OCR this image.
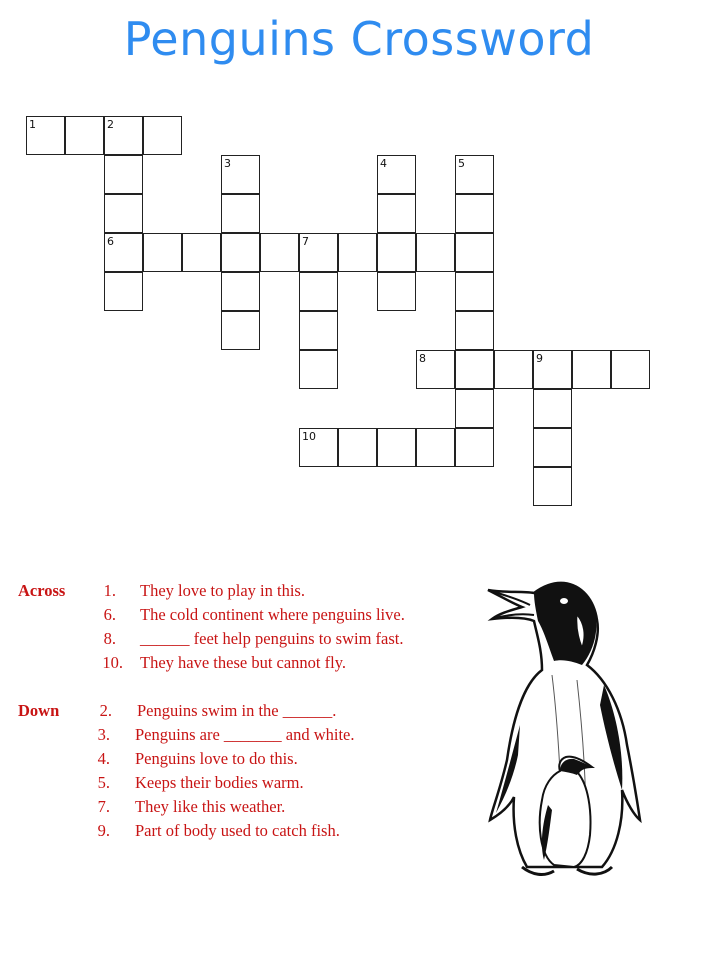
Penguins Crossword
1	2
6
3	4	5
7
8	9
10
Across	1. They love to play in this.
6. The cold continent where penguins live.
8. ______ feet help penguins to swim fast.
10. They have these but cannot fly.
Down	2. Penguins swim in the ______.
3. Penguins are _______ and white.
4. Penguins love to do this.
5. Keeps their bodies warm.
7. They like this weather.
9. Part of body used to catch fish.
